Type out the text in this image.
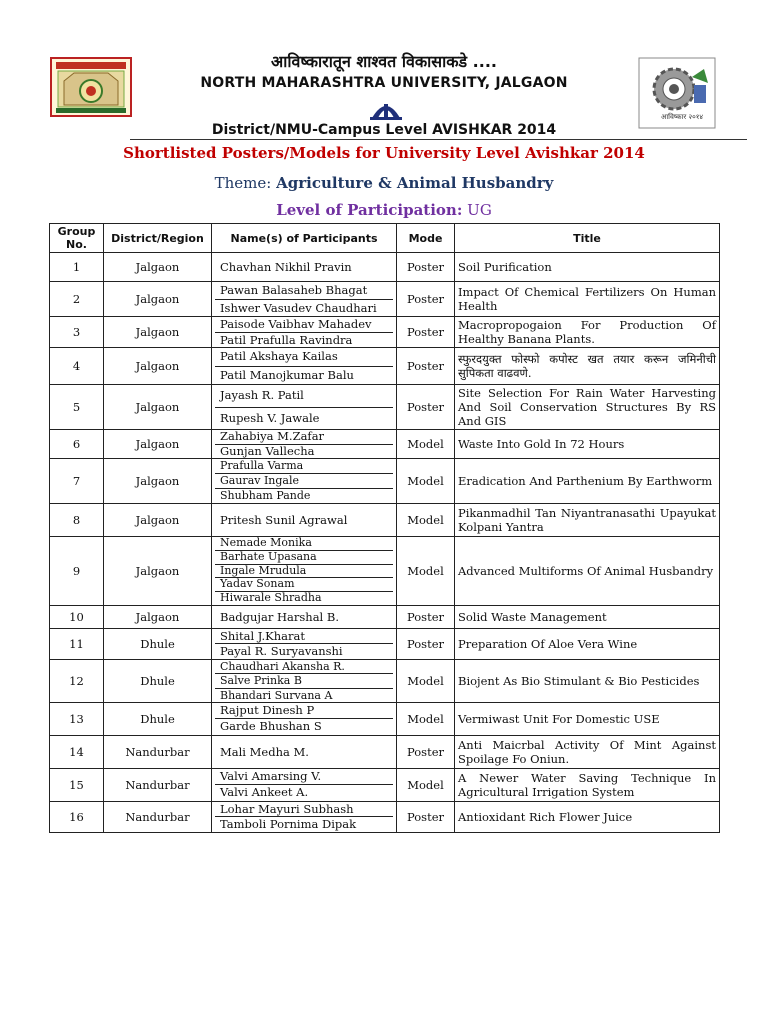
आविष्कार २०१४
आविष्कारातून शाश्वत विकासाकडे ....
NORTH MAHARASHTRA UNIVERSITY, JALGAON
District/NMU-Campus Level AVISHKAR 2014
Shortlisted Posters/Models for University Level Avishkar 2014
Theme: Agriculture & Animal Husbandry
Level of Participation: UG
Group No.	District/Region	Name(s) of Participants	Mode	Title
1	Jalgaon	Chavhan Nikhil Pravin	Poster	Soil Purification
2	Jalgaon	Pawan Balasaheb Bhagat
Ishwer Vasudev Chaudhari	Poster	Impact Of Chemical Fertilizers On Human Health
3	Jalgaon	Paisode Vaibhav Mahadev
Patil Prafulla Ravindra	Poster	Macropropogaion For Production Of Healthy Banana Plants.
4	Jalgaon	Patil Akshaya Kailas
Patil Manojkumar Balu	Poster	स्फुरदयुक्त फोस्फो कपोस्ट खत तयार करून जमिनीची सुपिकता वाढवणे.
5	Jalgaon	Jayash R. Patil
Rupesh V. Jawale	Poster	Site Selection For Rain Water Harvesting And Soil Conservation Structures By RS And GIS
6	Jalgaon	Zahabiya M.Zafar
Gunjan Vallecha	Model	Waste Into Gold In 72 Hours
7	Jalgaon	Prafulla Varma
Gaurav Ingale
Shubham Pande	Model	Eradication And Parthenium By Earthworm
8	Jalgaon	Pritesh Sunil Agrawal	Model	Pikanmadhil Tan Niyantranasathi Upayukat Kolpani Yantra
9	Jalgaon	Nemade Monika
Barhate Upasana
Ingale Mrudula
Yadav Sonam
Hiwarale Shradha	Model	Advanced Multiforms Of Animal Husbandry
10	Jalgaon	Badgujar Harshal B.	Poster	Solid Waste Management
11	Dhule	Shital J.Kharat
Payal R. Suryavanshi	Poster	Preparation Of Aloe Vera Wine
12	Dhule	Chaudhari Akansha R.
Salve Prinka B
Bhandari Survana A	Model	Biojent As Bio Stimulant & Bio Pesticides
13	Dhule	Rajput Dinesh P
Garde Bhushan S	Model	Vermiwast Unit For Domestic USE
14	Nandurbar	Mali Medha M.	Poster	Anti Maicrbal Activity Of Mint Against Spoilage Fo Oniun.
15	Nandurbar	Valvi Amarsing V.
Valvi Ankeet A.	Model	A Newer Water Saving Technique In Agricultural Irrigation System
16	Nandurbar	Lohar Mayuri Subhash
Tamboli Pornima Dipak	Poster	Antioxidant Rich Flower Juice
